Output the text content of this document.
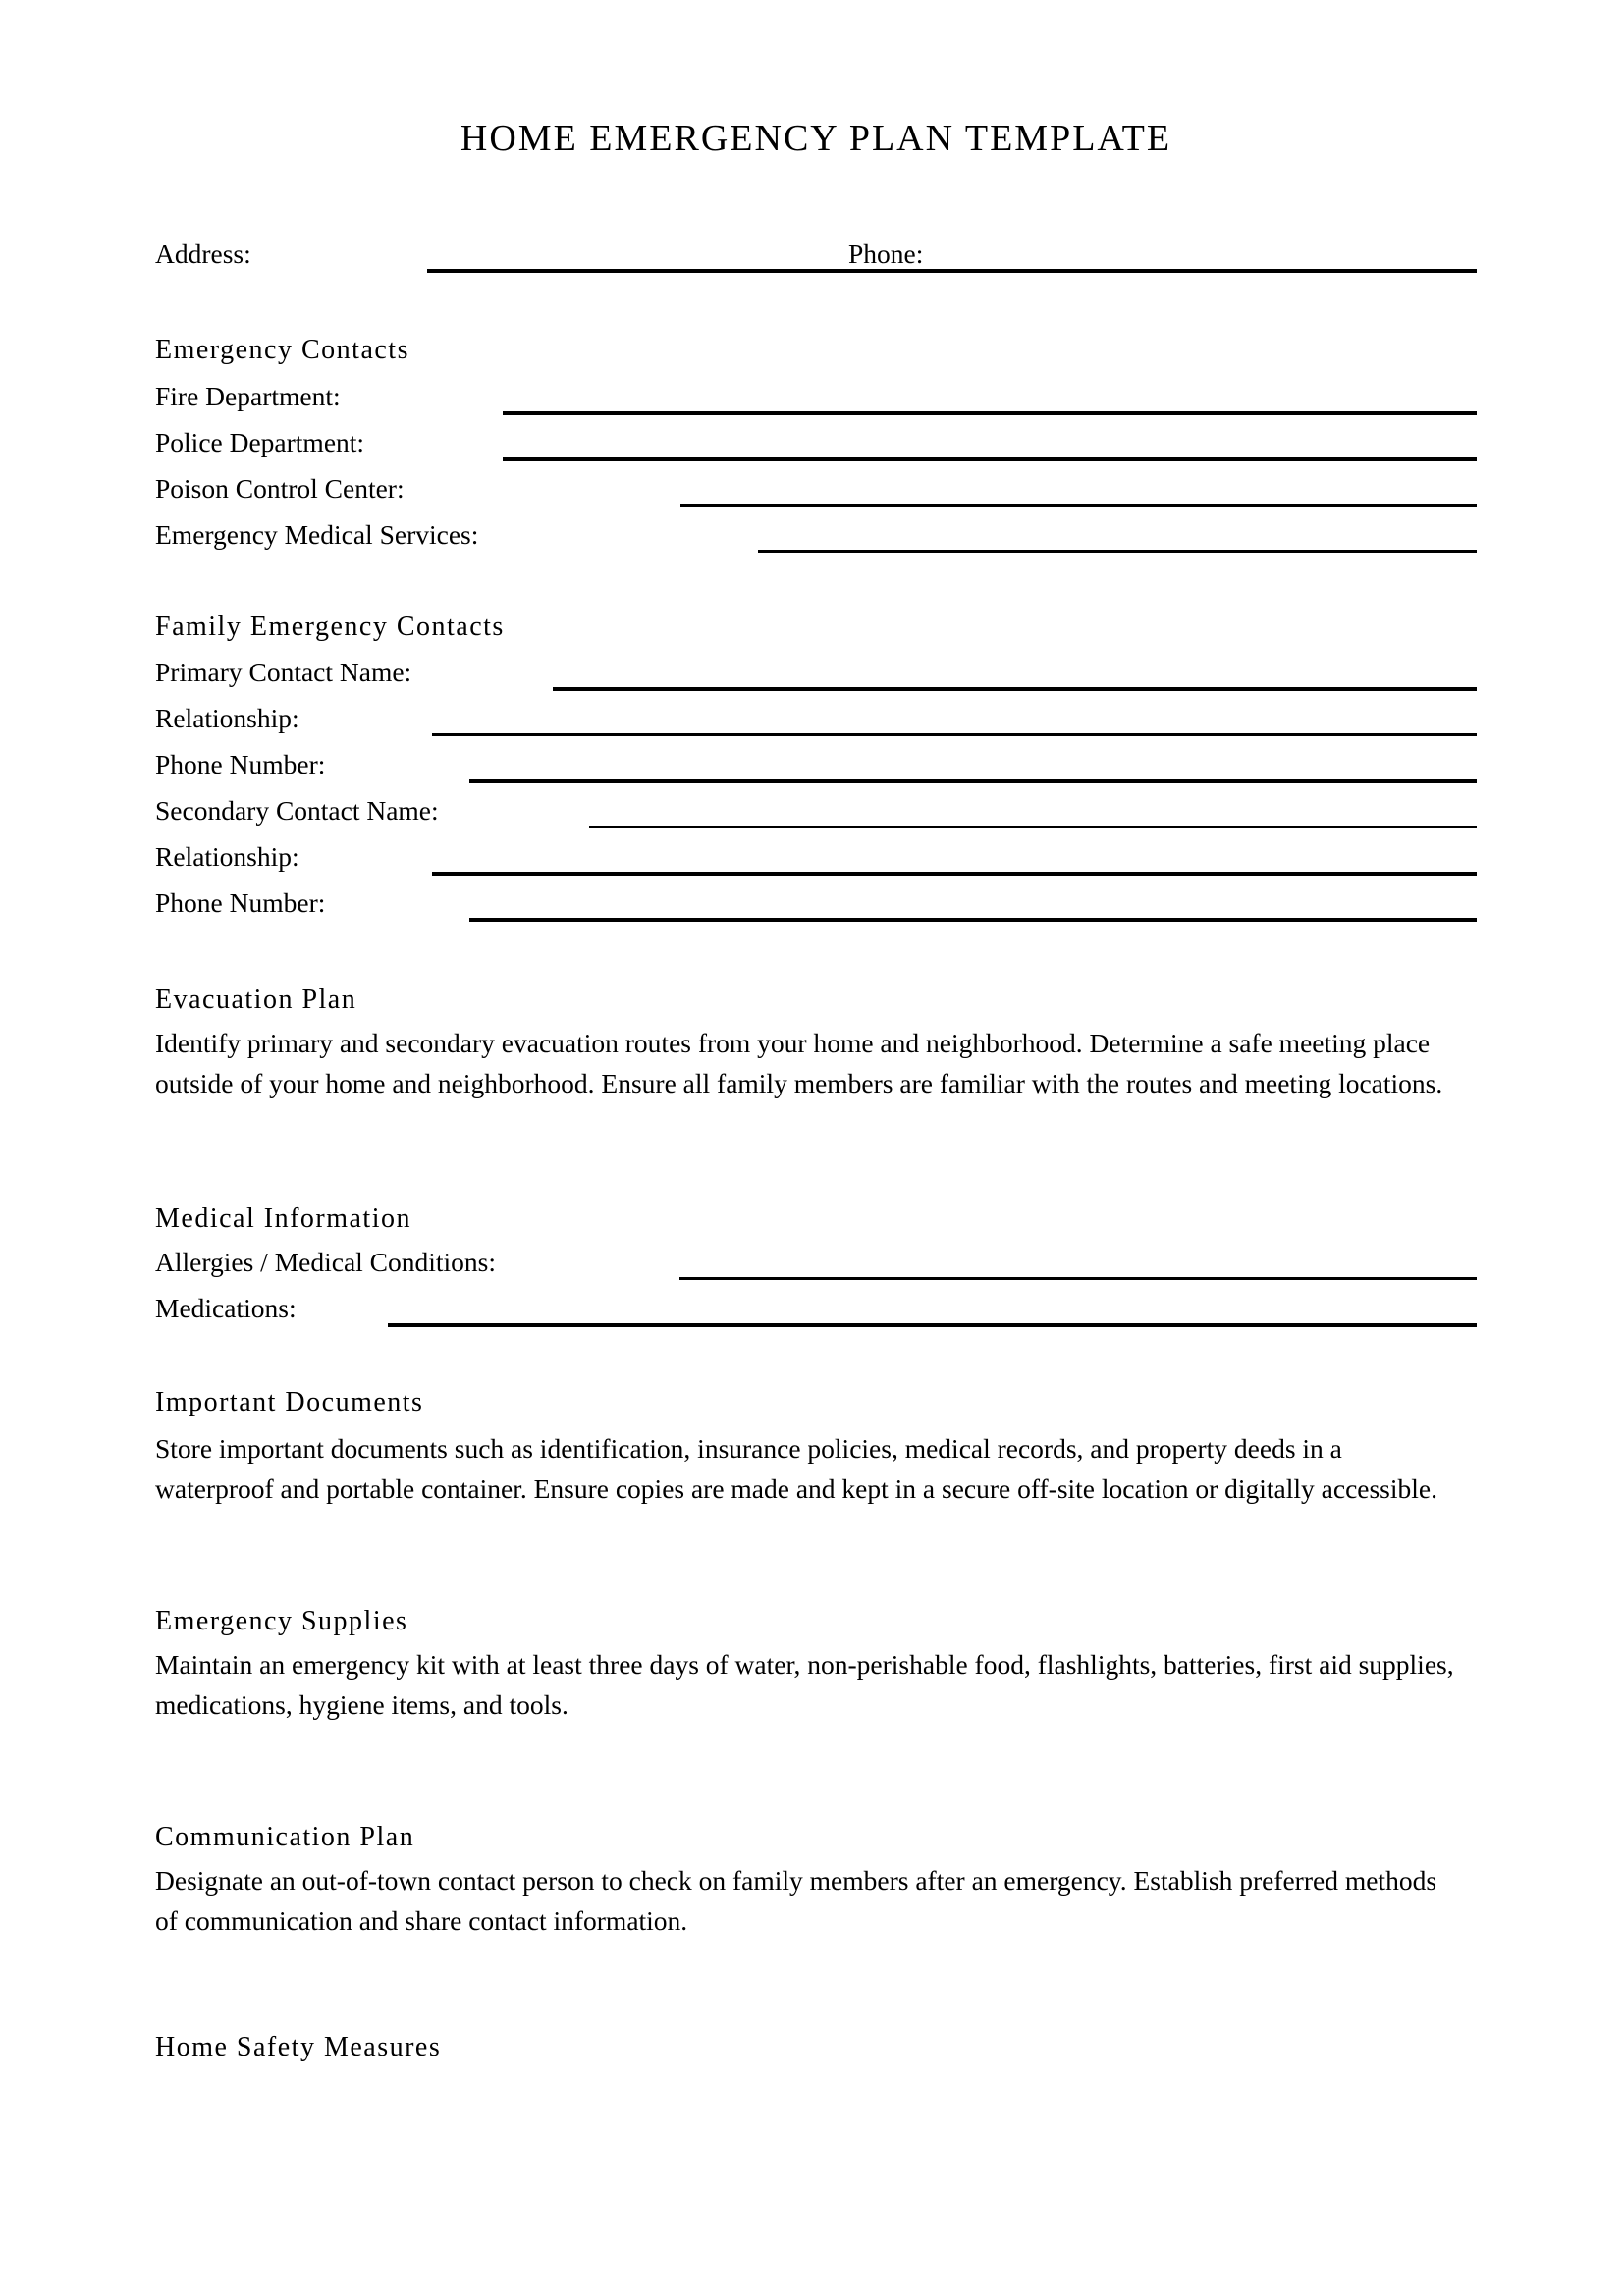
HOME EMERGENCY PLAN TEMPLATE
Address:	Phone:
Emergency Contacts
Fire Department:
Police Department:
Poison Control Center:
Emergency Medical Services:
Family Emergency Contacts
Primary Contact Name:
Relationship:
Phone Number:
Secondary Contact Name:
Relationship:
Phone Number:
Evacuation Plan

Identify primary and secondary evacuation routes from your home and neighborhood. Determine a safe meeting place
outside of your home and neighborhood. Ensure all family members are familiar with the routes and meeting locations.

Medical Information
Allergies / Medical Conditions:
Medications:
Important Documents

Store important documents such as identification, insurance policies, medical records, and property deeds in a
waterproof and portable container. Ensure copies are made and kept in a secure off-site location or digitally accessible.

Emergency Supplies

Maintain an emergency kit with at least three days of water, non-perishable food, flashlights, batteries, first aid supplies,
medications, hygiene items, and tools.

Communication Plan

Designate an out-of-town contact person to check on family members after an emergency. Establish preferred methods
of communication and share contact information.

Home Safety Measures
